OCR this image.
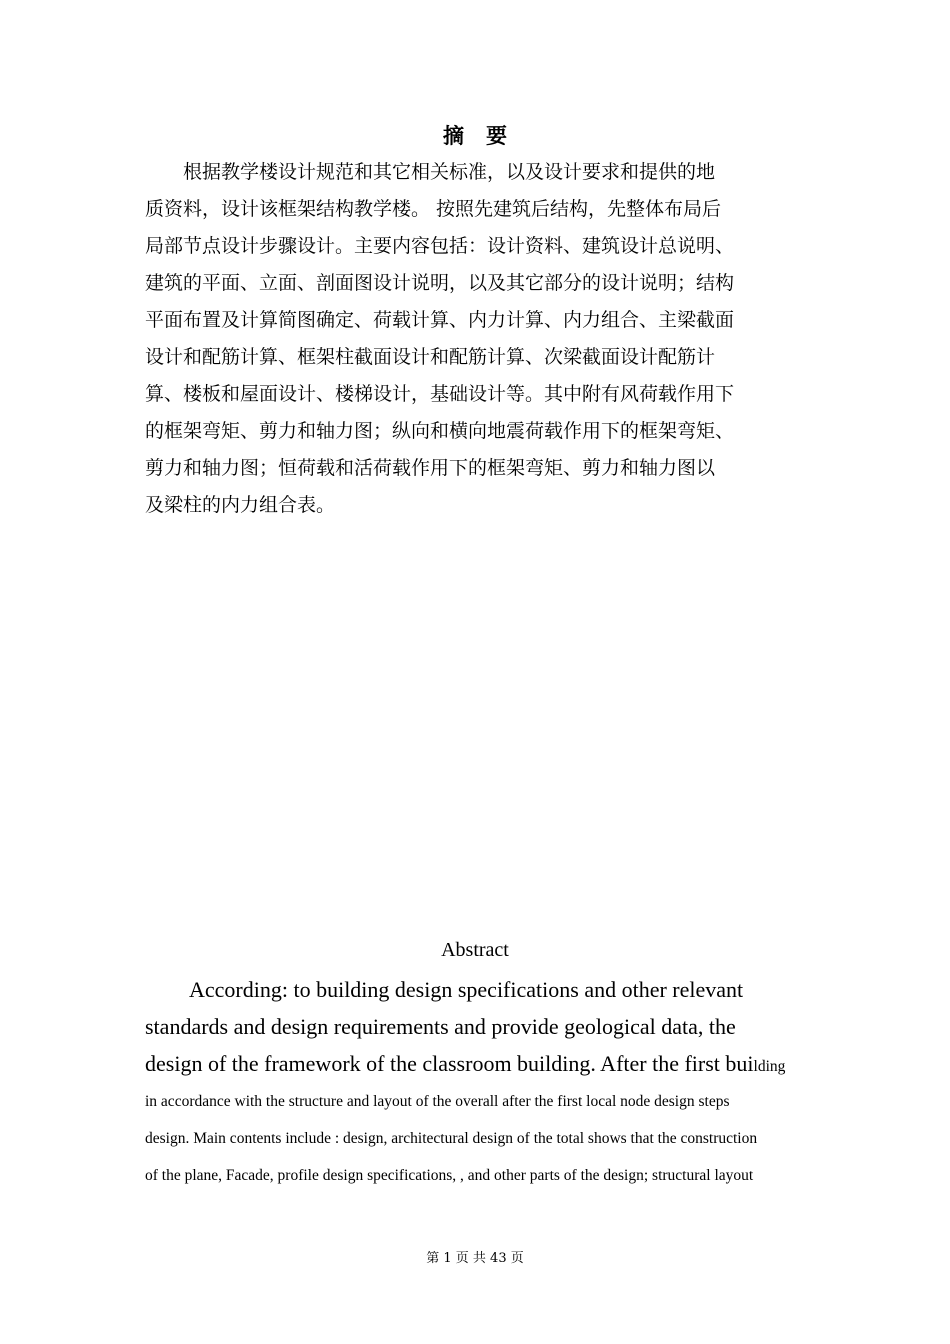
摘要
　　根据教学楼设计规范和其它相关标准，以及设计要求和提供的地
质资料，设计该框架结构教学楼。 按照先建筑后结构，先整体布局后
局部节点设计步骤设计。主要内容包括：设计资料、建筑设计总说明、
建筑的平面、立面、剖面图设计说明，以及其它部分的设计说明；结构
平面布置及计算简图确定、荷载计算、内力计算、内力组合、主梁截面
设计和配筋计算、框架柱截面设计和配筋计算、次梁截面设计配筋计
算、楼板和屋面设计、楼梯设计，基础设计等。其中附有风荷载作用下
的框架弯矩、剪力和轴力图；纵向和横向地震荷载作用下的框架弯矩、
剪力和轴力图；恒荷载和活荷载作用下的框架弯矩、剪力和轴力图以
及梁柱的内力组合表。
Abstract
According: to building design specifications and other relevant
standards and design requirements and provide geological data, the
design of the framework of the classroom building. After the first building
in accordance with the structure and layout of the overall after the first local node design steps
design. Main contents include : design, architectural design of the total shows that the construction
of the plane, Facade, profile design specifications, , and other parts of the design; structural layout
第 1 页 共 43 页
